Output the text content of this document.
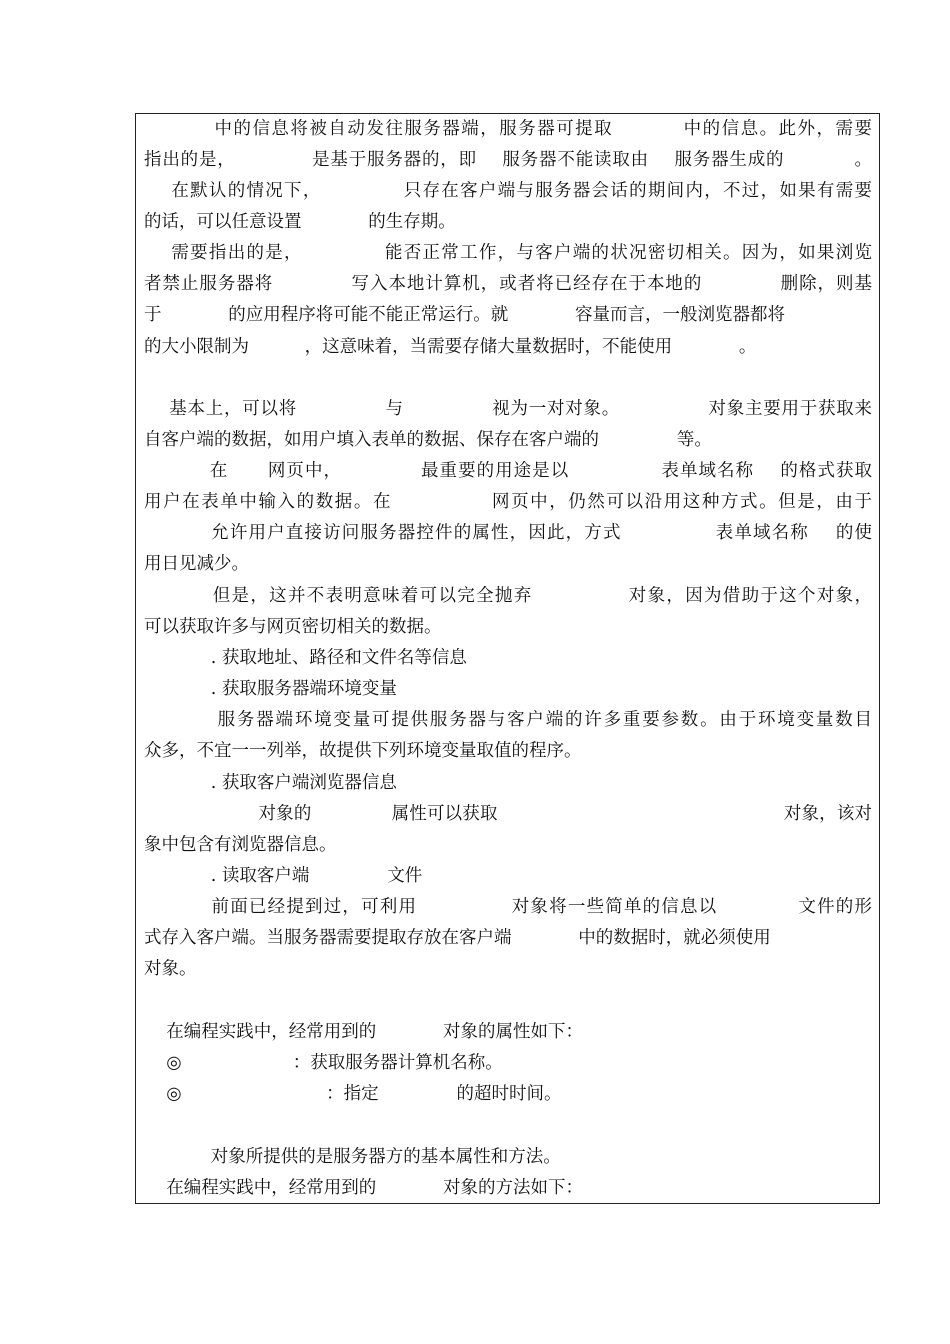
中的信息将被自动发往服务器端，服务器可提取          中的信息。此外，需要
指出的是，            是基于服务器的，即    服务器不能读取由    服务器生成的           。
在默认的情况下，            只存在客户端与服务器会话的期间内，不过，如果有需要
的话，可以任意设置            的生存期。
需要指出的是，            能否正常工作，与客户端的状况密切相关。因为，如果浏览
者禁止服务器将            写入本地计算机，或者将已经存在于本地的            删除，则基
于            的应用程序将可能不能正常运行。就            容量而言，一般浏览器都将
的大小限制为          ，这意味着，当需要存储大量数据时，不能使用            。
基本上，可以将              与              视为一对对象。              对象主要用于获取来
自客户端的数据，如用户填入表单的数据、保存在客户端的              等。
在      网页中，            最重要的用途是以              表单域名称    的格式获取
用户在表单中输入的数据。在              网页中，仍然可以沿用这种方式。但是，由于
允许用户直接访问服务器控件的属性，因此，方式              表单域名称    的使
用日见减少。
但是，这并不表明意味着可以完全抛弃              对象，因为借助于这个对象，
可以获取许多与网页密切相关的数据。
. 获取地址、路径和文件名等信息
. 获取服务器端环境变量
服务器端环境变量可提供服务器与客户端的许多重要参数。由于环境变量数目
众多，不宜一一列举，故提供下列环境变量取值的程序。
. 获取客户端浏览器信息
对象的              属性可以获取                                                  对象，该对
象中包含有浏览器信息。
. 读取客户端              文件
前面已经提到过，可利用              对象将一些简单的信息以            文件的形
式存入客户端。当服务器需要提取存放在客户端            中的数据时，就必须使用
对象。
在编程实践中，经常用到的            对象的属性如下：
◎                    ：获取服务器计算机名称。
◎                          ：指定              的超时时间。
对象所提供的是服务器方的基本属性和方法。
在编程实践中，经常用到的            对象的方法如下：
